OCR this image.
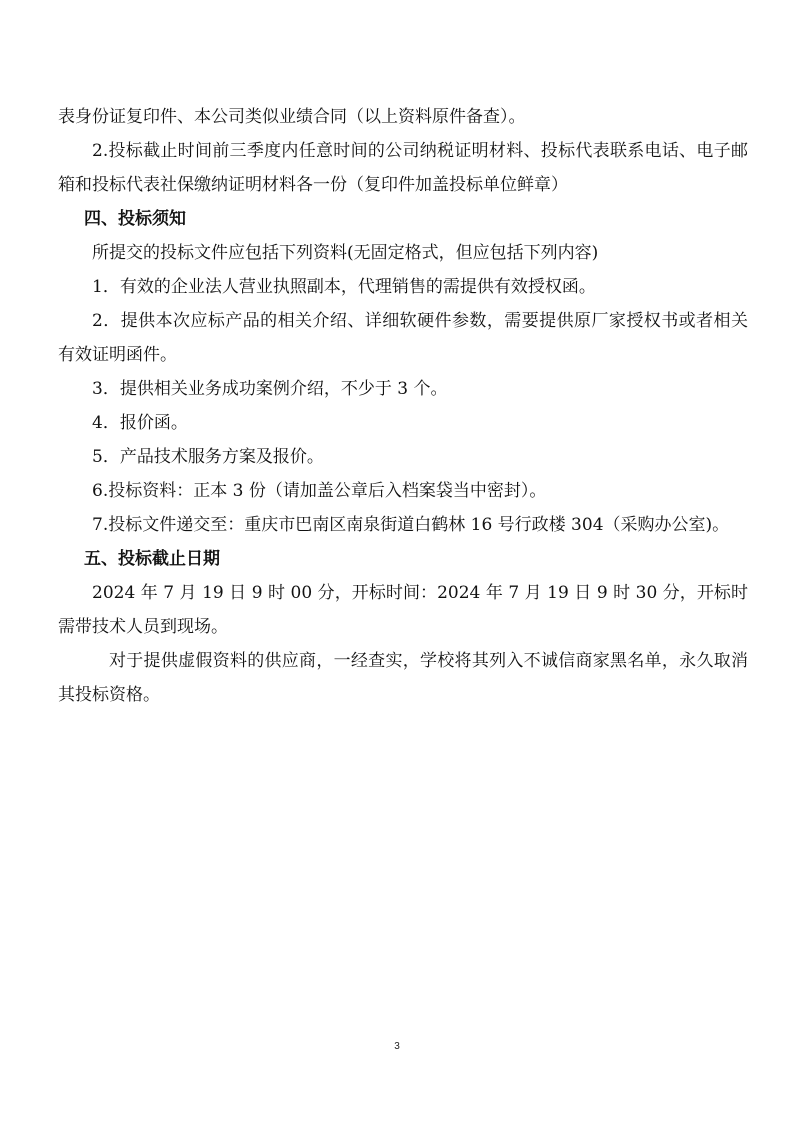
表身份证复印件、本公司类似业绩合同（以上资料原件备查）。

2.投标截止时间前三季度内任意时间的公司纳税证明材料、投标代表联系电话、电子邮箱和投标代表社保缴纳证明材料各一份（复印件加盖投标单位鲜章）

四、投标须知

所提交的投标文件应包括下列资料(无固定格式，但应包括下列内容)

1．有效的企业法人营业执照副本，代理销售的需提供有效授权函。

2．提供本次应标产品的相关介绍、详细软硬件参数，需要提供原厂家授权书或者相关有效证明函件。

3．提供相关业务成功案例介绍，不少于 3 个。

4．报价函。

5．产品技术服务方案及报价。

6.投标资料：正本 3 份（请加盖公章后入档案袋当中密封）。

7.投标文件递交至：重庆市巴南区南泉街道白鹤林 16 号行政楼 304（采购办公室)。

五、投标截止日期

2024 年 7 月 19 日 9 时 00 分，开标时间：2024 年 7 月 19 日 9 时 30 分，开标时需带技术人员到现场。

对于提供虚假资料的供应商，一经查实，学校将其列入不诚信商家黑名单，永久取消其投标资格。

3
